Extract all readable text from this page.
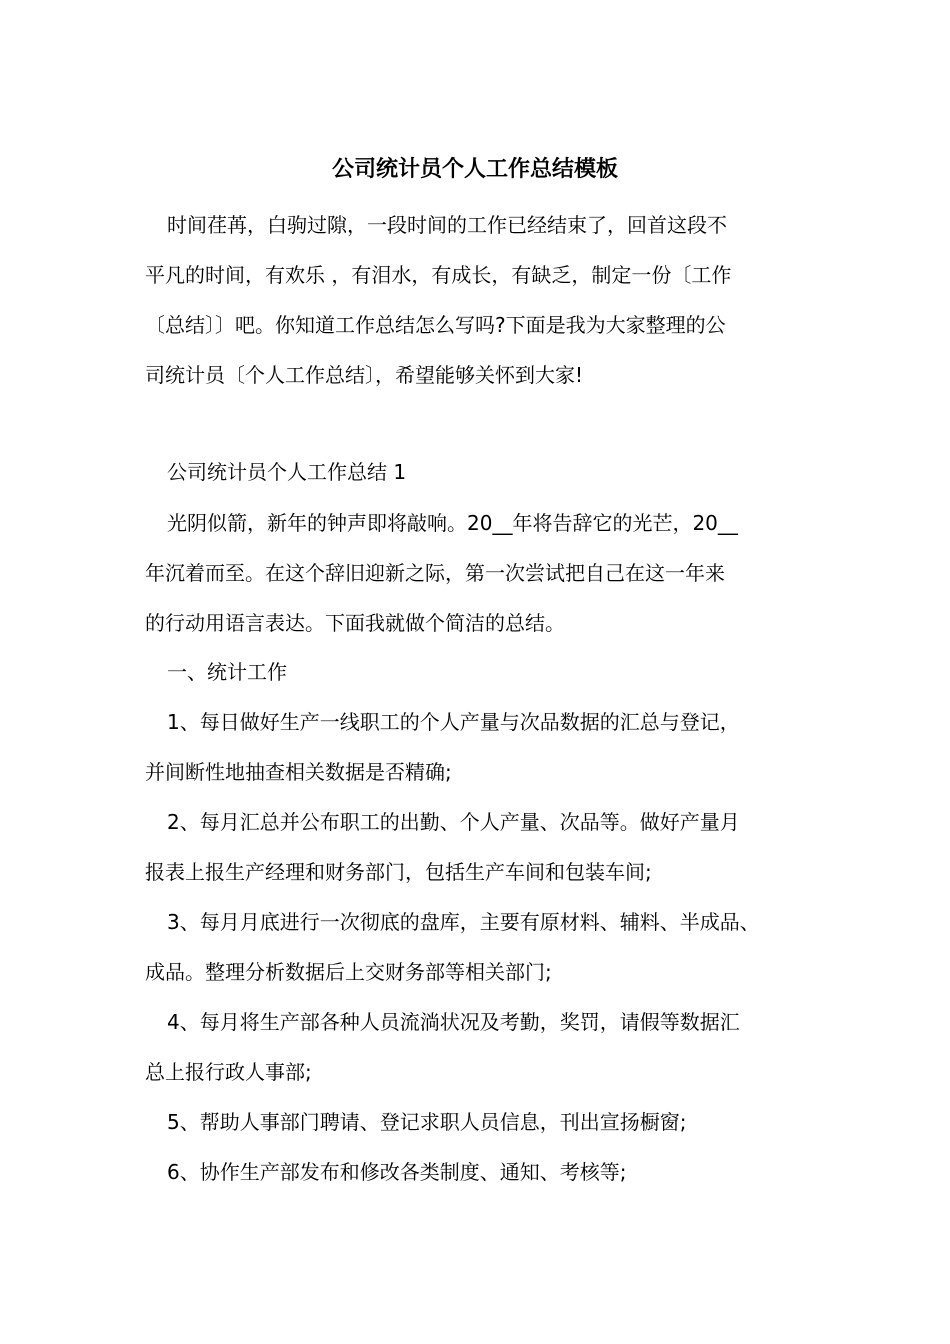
公司统计员个人工作总结模板
时间荏苒，白驹过隙，一段时间的工作已经结束了，回首这段不
平凡的时间，有欢乐 ，有泪水，有成长，有缺乏，制定一份〔工作
〔总结〕〕吧。你知道工作总结怎么写吗?下面是我为大家整理的公
司统计员〔个人工作总结〕，希望能够关怀到大家!
公司统计员个人工作总结 1
光阴似箭，新年的钟声即将敲响。20__年将告辞它的光芒，20__
年沉着而至。在这个辞旧迎新之际，第一次尝试把自己在这一年来
的行动用语言表达。下面我就做个简洁的总结。
一、统计工作
1、每日做好生产一线职工的个人产量与次品数据的汇总与登记，
并间断性地抽查相关数据是否精确;
2、每月汇总并公布职工的出勤、个人产量、次品等。做好产量月
报表上报生产经理和财务部门，包括生产车间和包装车间;
3、每月月底进行一次彻底的盘库，主要有原材料、辅料、半成品、
成品。整理分析数据后上交财务部等相关部门;
4、每月将生产部各种人员流淌状况及考勤，奖罚，请假等数据汇
总上报行政人事部;
5、帮助人事部门聘请、登记求职人员信息，刊出宣扬橱窗;
6、协作生产部发布和修改各类制度、通知、考核等;
